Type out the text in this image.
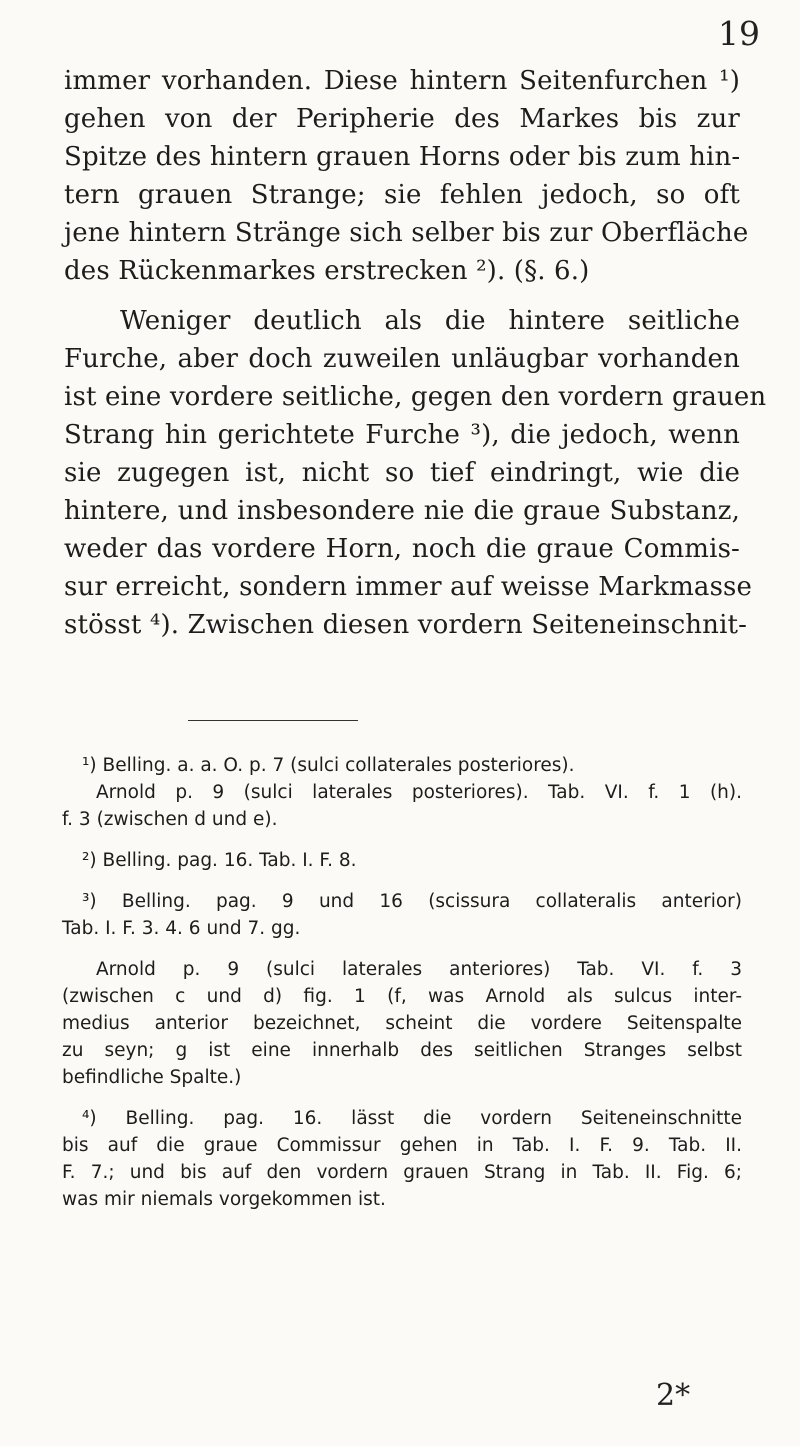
19
immer vorhanden. Diese hintern Seitenfurchen ¹)
gehen von der Peripherie des Markes bis zur
Spitze des hintern grauen Horns oder bis zum hin-
tern grauen Strange; sie fehlen jedoch, so oft
jene hintern Stränge sich selber bis zur Oberfläche
des Rückenmarkes erstrecken ²). (§. 6.)
Weniger deutlich als die hintere seitliche
Furche, aber doch zuweilen unläugbar vorhanden
ist eine vordere seitliche, gegen den vordern grauen
Strang hin gerichtete Furche ³), die jedoch, wenn
sie zugegen ist, nicht so tief eindringt, wie die
hintere, und insbesondere nie die graue Substanz,
weder das vordere Horn, noch die graue Commis-
sur erreicht, sondern immer auf weisse Markmasse
stösst ⁴). Zwischen diesen vordern Seiteneinschnit-
¹) Belling. a. a. O. p. 7 (sulci collaterales posteriores).
Arnold p. 9 (sulci laterales posteriores). Tab. VI. f. 1 (h).
f. 3 (zwischen d und e).
²) Belling. pag. 16. Tab. I. F. 8.
³) Belling. pag. 9 und 16 (scissura collateralis anterior)
Tab. I. F. 3. 4. 6 und 7. gg.
Arnold p. 9 (sulci laterales anteriores) Tab. VI. f. 3
(zwischen c und d) fig. 1 (f, was Arnold als sulcus inter-
medius anterior bezeichnet, scheint die vordere Seitenspalte
zu seyn; g ist eine innerhalb des seitlichen Stranges selbst
befindliche Spalte.)
⁴) Belling. pag. 16. lässt die vordern Seiteneinschnitte
bis auf die graue Commissur gehen in Tab. I. F. 9. Tab. II.
F. 7.; und bis auf den vordern grauen Strang in Tab. II. Fig. 6;
was mir niemals vorgekommen ist.
2*
